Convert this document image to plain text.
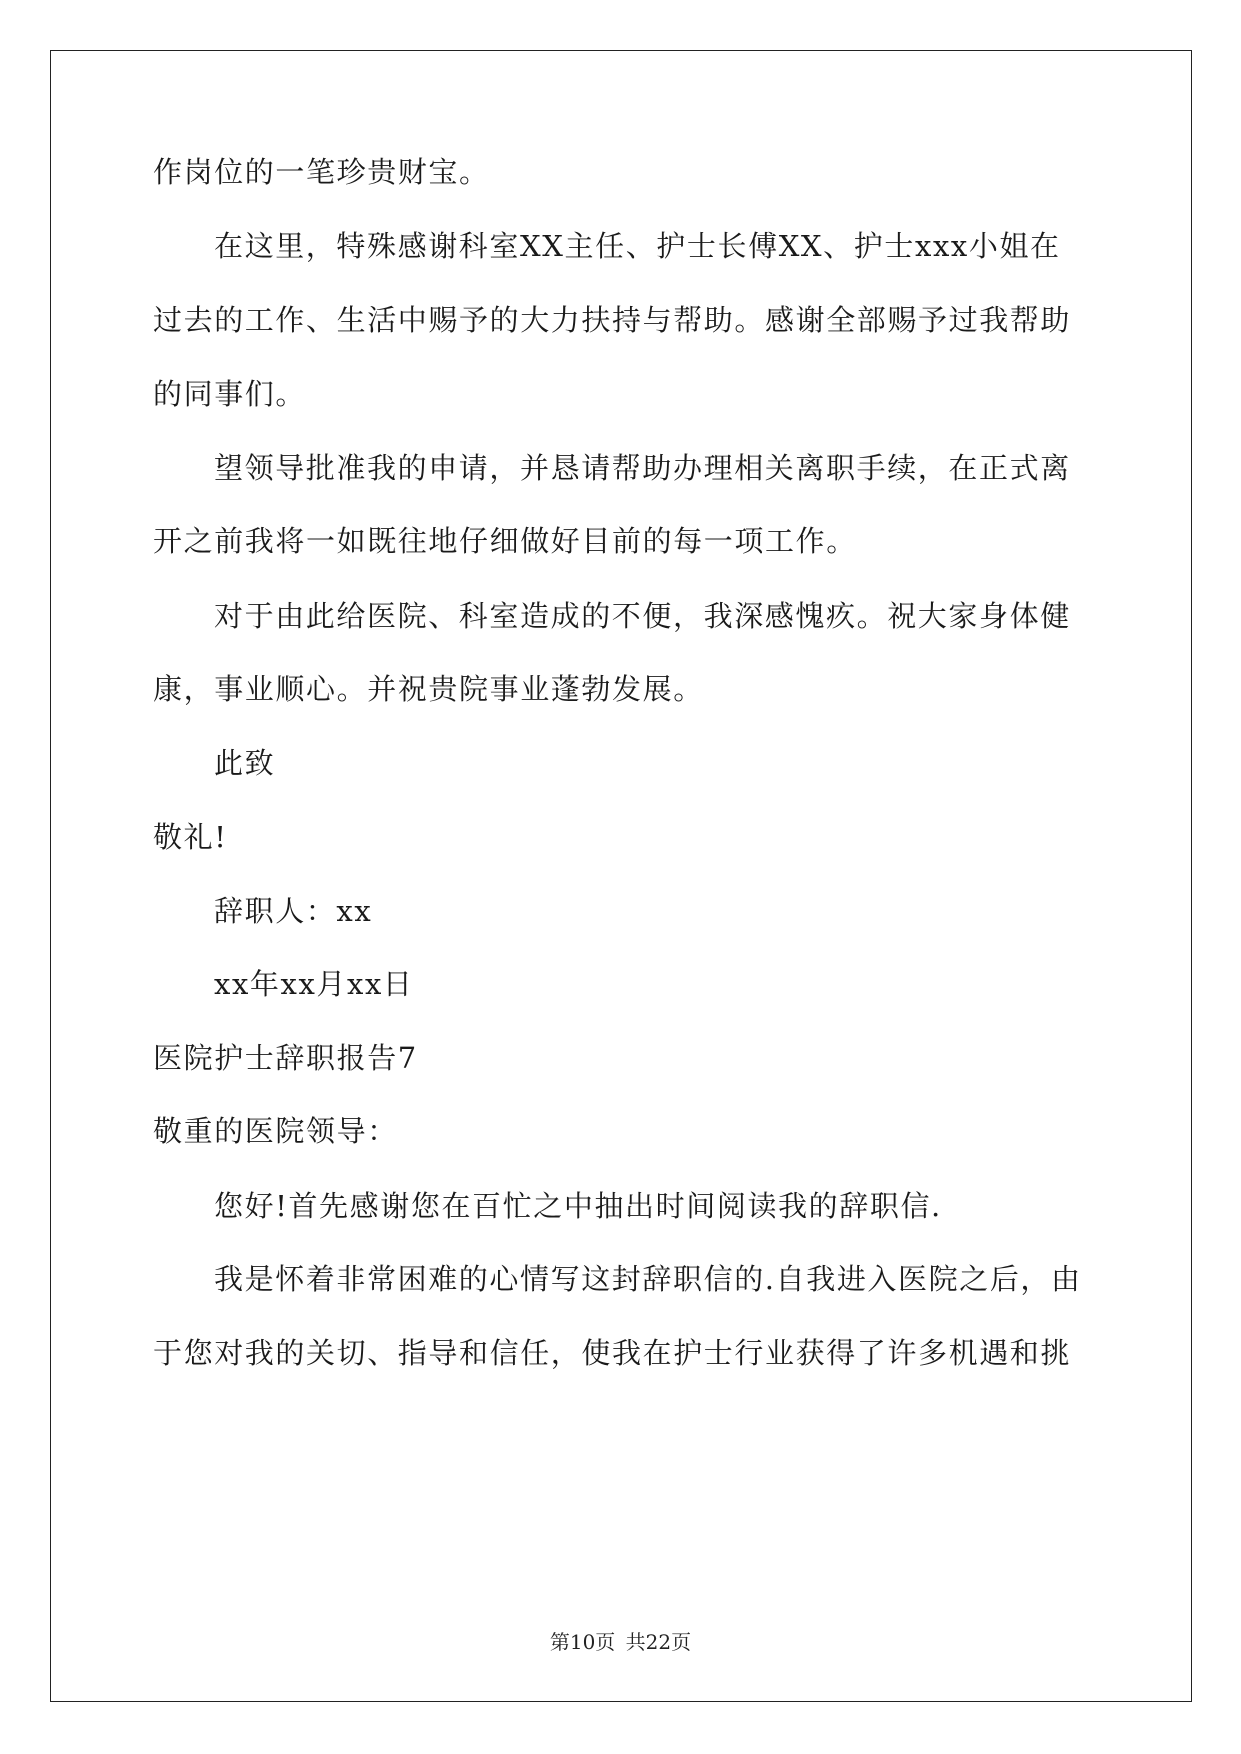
作岗位的一笔珍贵财宝。
在这里，特殊感谢科室XX主任、护士长傅XX、护士xxx小姐在
过去的工作、生活中赐予的大力扶持与帮助。感谢全部赐予过我帮助
的同事们。
望领导批准我的申请，并恳请帮助办理相关离职手续，在正式离
开之前我将一如既往地仔细做好目前的每一项工作。
对于由此给医院、科室造成的不便，我深感愧疚。祝大家身体健
康，事业顺心。并祝贵院事业蓬勃发展。
此致
敬礼!
辞职人：xx
xx年xx月xx日
医院护士辞职报告7
敬重的医院领导：
您好!首先感谢您在百忙之中抽出时间阅读我的辞职信.
我是怀着非常困难的心情写这封辞职信的.自我进入医院之后，由
于您对我的关切、指导和信任，使我在护士行业获得了许多机遇和挑
第10页 共22页
